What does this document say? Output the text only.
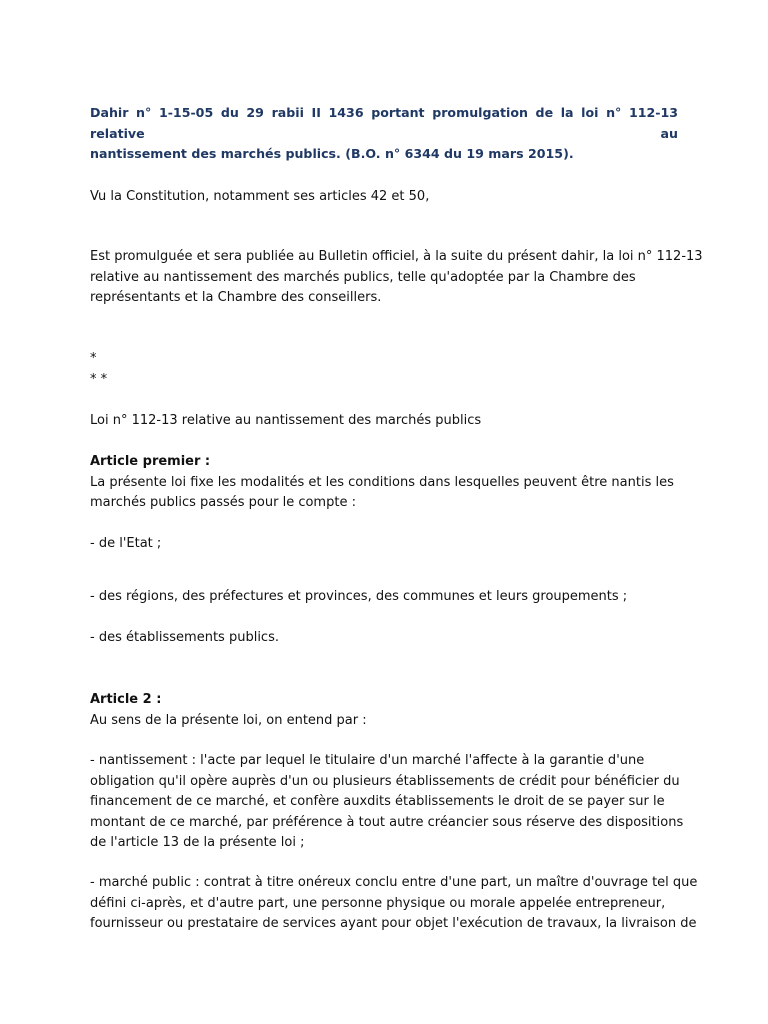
Dahir n° 1-15-05 du 29 rabii II 1436 portant promulgation de la loi n° 112-13 relative au
nantissement des marchés publics. (B.O. n° 6344 du 19 mars 2015).

Vu la Constitution, notamment ses articles 42 et 50,

Est promulguée et sera publiée au Bulletin officiel, à la suite du présent dahir, la loi n° 112-13
relative au nantissement des marchés publics, telle qu'adoptée par la Chambre des
représentants et la Chambre des conseillers.
*
* *

Loi n° 112-13 relative au nantissement des marchés publics

Article premier :
La présente loi fixe les modalités et les conditions dans lesquelles peuvent être nantis les
marchés publics passés pour le compte :

- de l'Etat ;

- des régions, des préfectures et provinces, des communes et leurs groupements ;

- des établissements publics.

Article 2 :
Au sens de la présente loi, on entend par :
- nantissement : l'acte par lequel le titulaire d'un marché l'affecte à la garantie d'une
obligation qu'il opère auprès d'un ou plusieurs établissements de crédit pour bénéficier du
financement de ce marché, et confère auxdits établissements le droit de se payer sur le
montant de ce marché, par préférence à tout autre créancier sous réserve des dispositions
de l'article 13 de la présente loi ;
- marché public : contrat à titre onéreux conclu entre d'une part, un maître d'ouvrage tel que
défini ci-après, et d'autre part, une personne physique ou morale appelée entrepreneur,
fournisseur ou prestataire de services ayant pour objet l'exécution de travaux, la livraison de
